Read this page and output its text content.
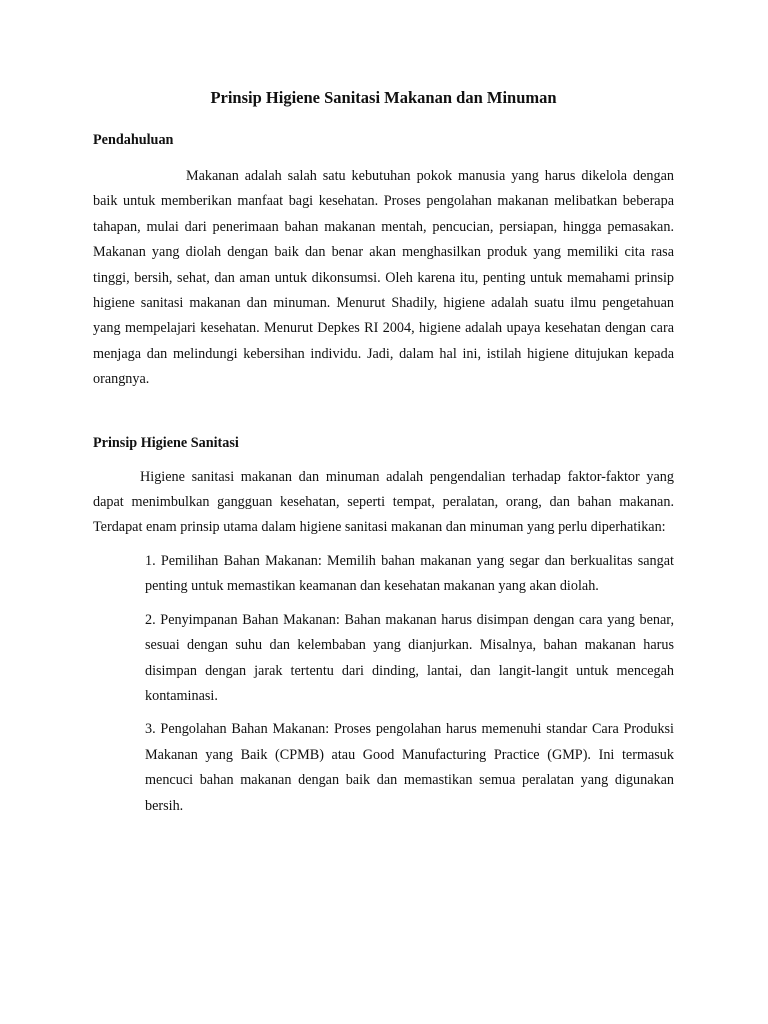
Prinsip Higiene Sanitasi Makanan dan Minuman
Pendahuluan

Makanan adalah salah satu kebutuhan pokok manusia yang harus dikelola dengan baik untuk memberikan manfaat bagi kesehatan. Proses pengolahan makanan melibatkan beberapa tahapan, mulai dari penerimaan bahan makanan mentah, pencucian, persiapan, hingga pemasakan. Makanan yang diolah dengan baik dan benar akan menghasilkan produk yang memiliki cita rasa tinggi, bersih, sehat, dan aman untuk dikonsumsi. Oleh karena itu, penting untuk memahami prinsip higiene sanitasi makanan dan minuman. Menurut Shadily, higiene adalah suatu ilmu pengetahuan yang mempelajari kesehatan. Menurut Depkes RI 2004, higiene adalah upaya kesehatan dengan cara menjaga dan melindungi kebersihan individu. Jadi, dalam hal ini, istilah higiene ditujukan kepada orangnya.

Prinsip Higiene Sanitasi

Higiene sanitasi makanan dan minuman adalah pengendalian terhadap faktor-faktor yang dapat menimbulkan gangguan kesehatan, seperti tempat, peralatan, orang, dan bahan makanan. Terdapat enam prinsip utama dalam higiene sanitasi makanan dan minuman yang perlu diperhatikan:

1. Pemilihan Bahan Makanan: Memilih bahan makanan yang segar dan berkualitas sangat penting untuk memastikan keamanan dan kesehatan makanan yang akan diolah.
2. Penyimpanan Bahan Makanan: Bahan makanan harus disimpan dengan cara yang benar, sesuai dengan suhu dan kelembaban yang dianjurkan. Misalnya, bahan makanan harus disimpan dengan jarak tertentu dari dinding, lantai, dan langit-langit untuk mencegah kontaminasi.
3. Pengolahan Bahan Makanan: Proses pengolahan harus memenuhi standar Cara Produksi Makanan yang Baik (CPMB) atau Good Manufacturing Practice (GMP). Ini termasuk mencuci bahan makanan dengan baik dan memastikan semua peralatan yang digunakan bersih.
